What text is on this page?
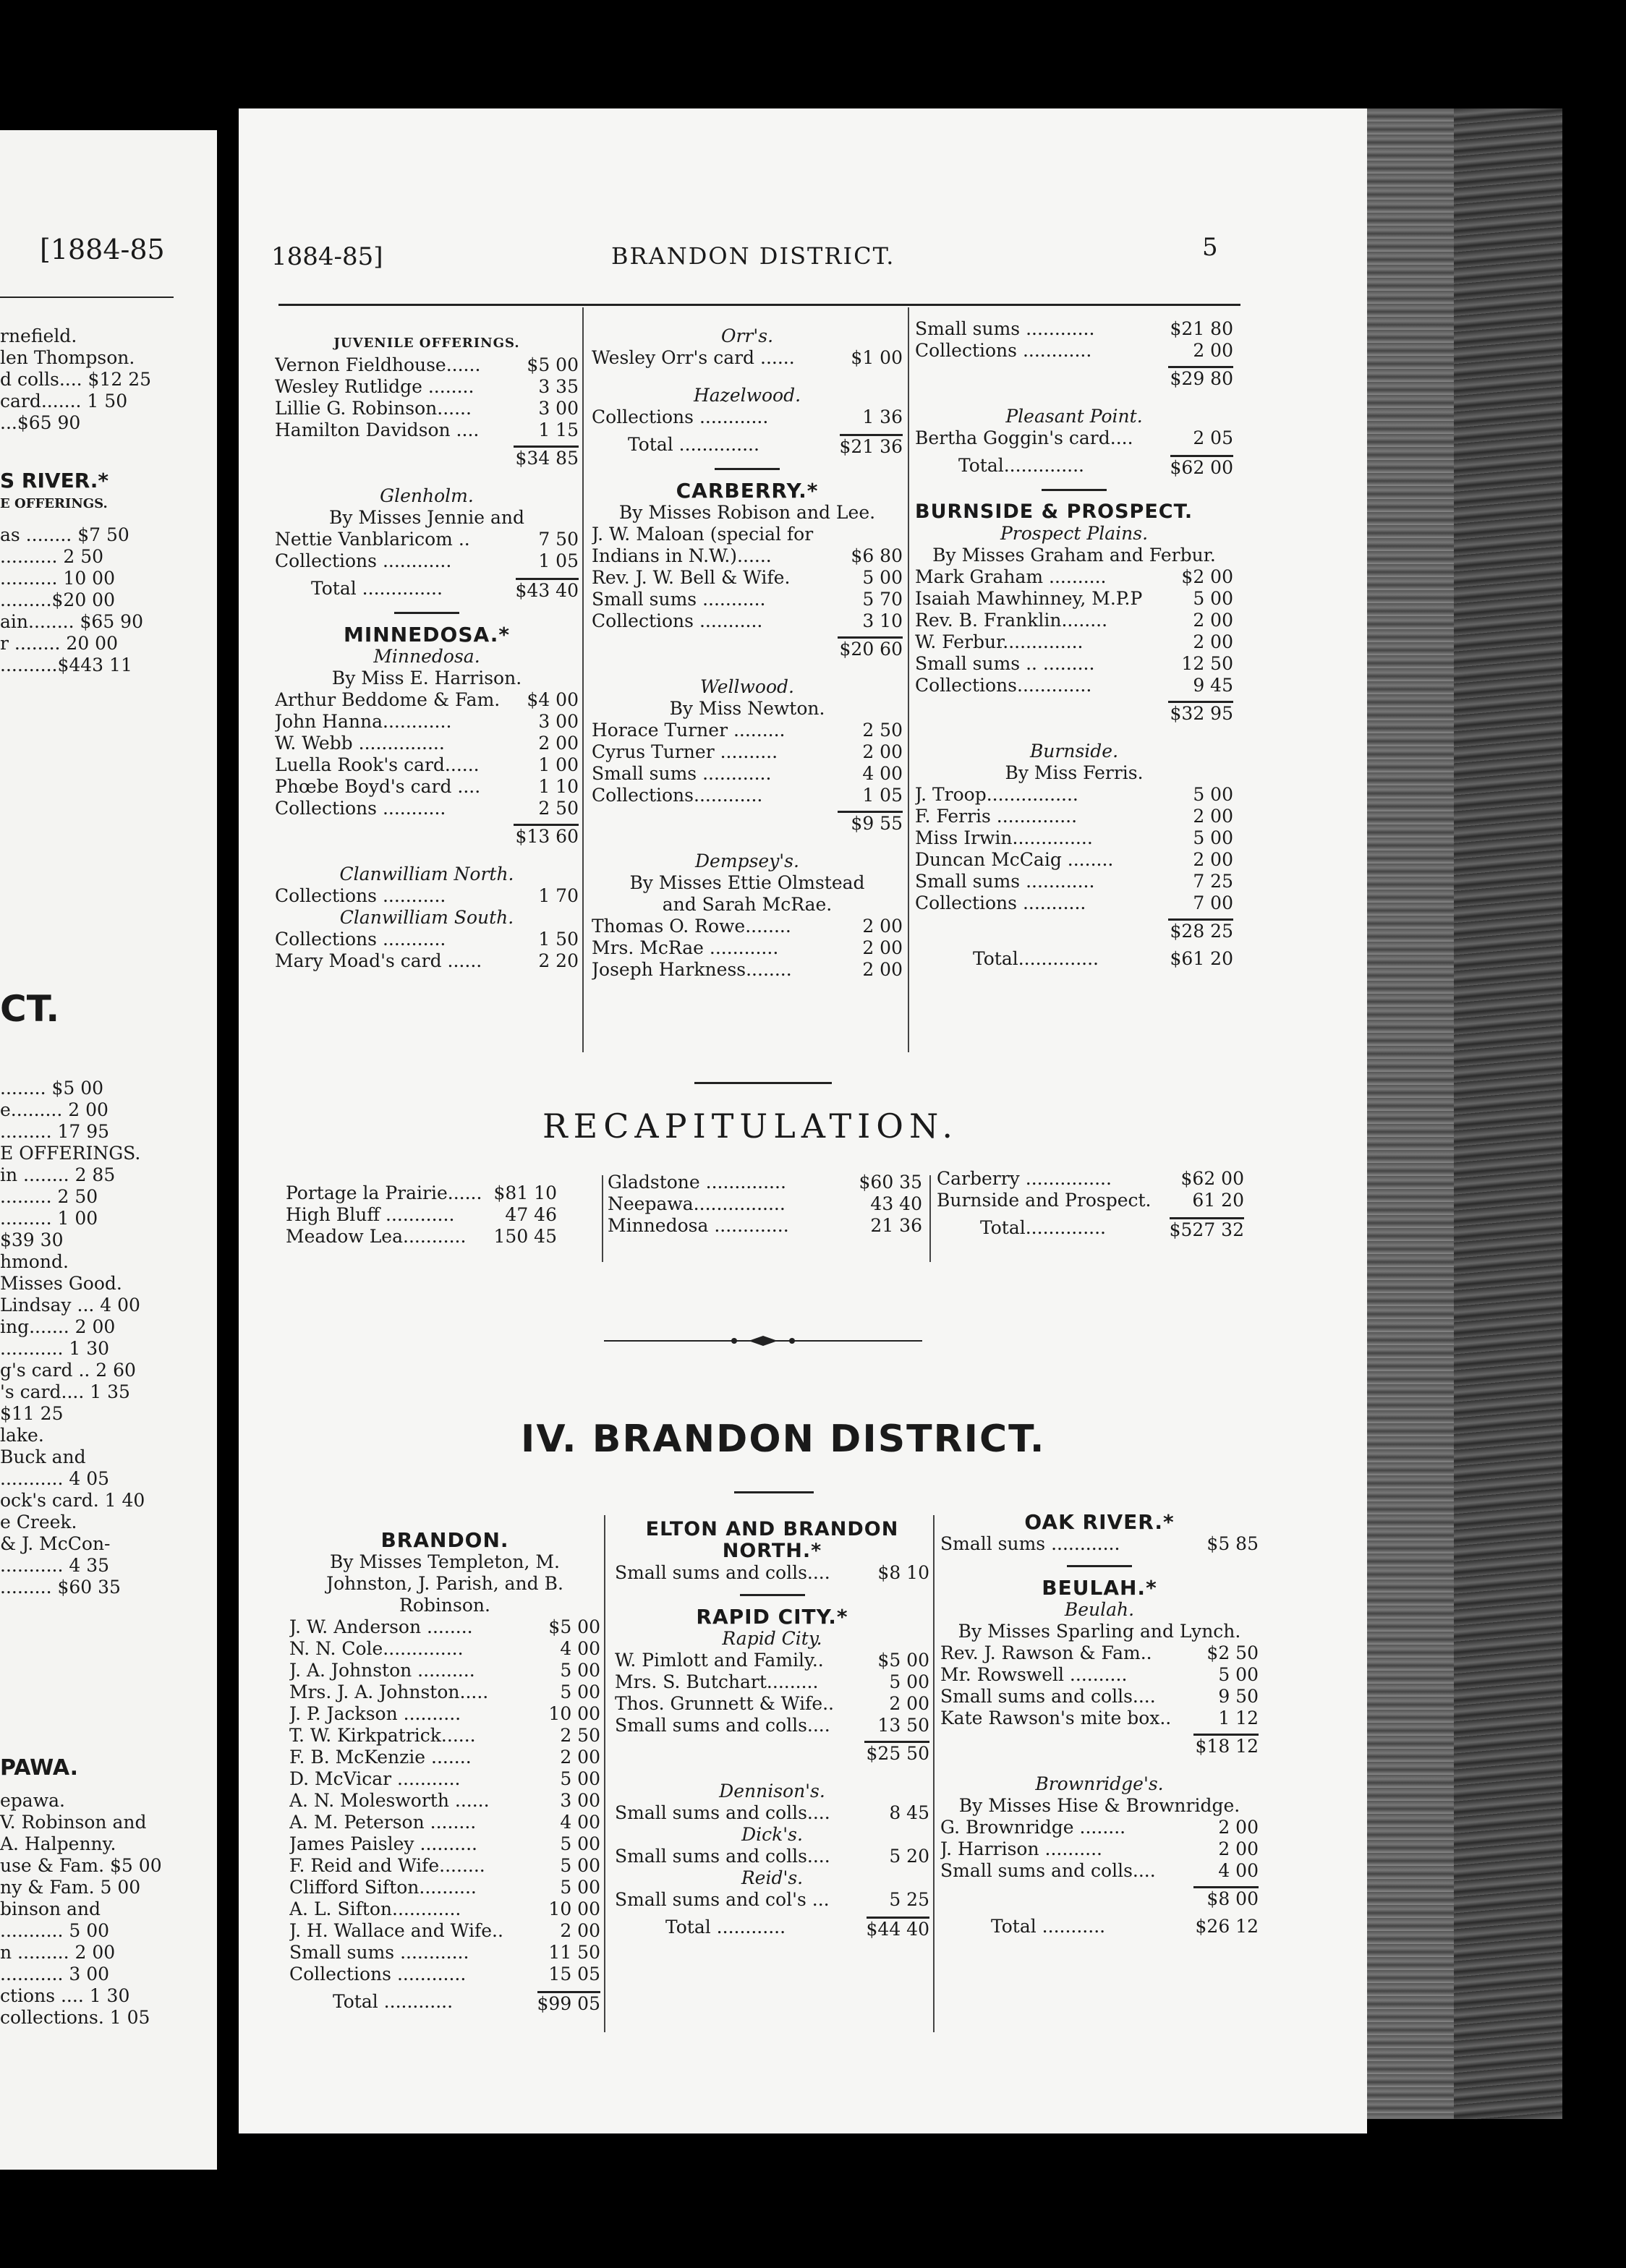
[1884-85
rnefield.
len Thompson.
d colls.... $12 25
card....... 1 50
...$65 90
S RIVER.*
E OFFERINGS.
as ........ $7 50
.......... 2 50
.......... 10 00
.........$20 00
ain........ $65 90
r ........ 20 00
..........$443 11
CT.
........ $5 00
e......... 2 00
......... 17 95
E OFFERINGS.
in ........ 2 85
......... 2 50
......... 1 00
$39 30
hmond.
Misses Good.
Lindsay ... 4 00
ing....... 2 00
........... 1 30
g's card .. 2 60
's card.... 1 35
$11 25
lake.
Buck and
........... 4 05
ock's card. 1 40
e Creek.
& J. McCon-
........... 4 35
......... $60 35
PAWA.
epawa.
V. Robinson and
A. Halpenny.
use & Fam. $5 00
ny & Fam. 5 00
binson and
........... 5 00
n ......... 2 00
........... 3 00
ctions .... 1 30
collections. 1 05
1884-85]	BRANDON DISTRICT.	5
JUVENILE OFFERINGS.
Vernon Fieldhouse......	$5 00
Wesley Rutlidge ........	3 35
Lillie G. Robinson......	3 00
Hamilton Davidson ....	1 15
$34 85
Glenholm.
By Misses Jennie and
Nettie Vanblaricom ..	7 50
Collections ............	1 05
Total ..............	$43 40
MINNEDOSA.*
Minnedosa.
By Miss E. Harrison.
Arthur Beddome & Fam.	$4 00
John Hanna............	3 00
W. Webb ...............	2 00
Luella Rook's card......	1 00
Phœbe Boyd's card ....	1 10
Collections ...........	2 50
$13 60
Clanwilliam North.
Collections ...........	1 70
Clanwilliam South.
Collections ...........	1 50
Mary Moad's card ......	2 20
Orr's.
Wesley Orr's card ......	$1 00
Hazelwood.
Collections ............	1 36
Total ..............	$21 36
CARBERRY.*
By Misses Robison and Lee.
J. W. Maloan (special for
Indians in N.W.)......	$6 80
Rev. J. W. Bell & Wife.	5 00
Small sums ...........	5 70
Collections ...........	3 10
$20 60
Wellwood.
By Miss Newton.
Horace Turner .........	2 50
Cyrus Turner ..........	2 00
Small sums ............	4 00
Collections............	1 05
$9 55
Dempsey's.
By Misses Ettie Olmstead
and Sarah McRae.
Thomas O. Rowe........	2 00
Mrs. McRae ............	2 00
Joseph Harkness........	2 00
Small sums ............	$21 80
Collections ............	2 00
$29 80
Pleasant Point.
Bertha Goggin's card....	2 05
Total..............	$62 00
BURNSIDE & PROSPECT.
Prospect Plains.
By Misses Graham and Ferbur.
Mark Graham ..........	$2 00
Isaiah Mawhinney, M.P.P	5 00
Rev. B. Franklin........	2 00
W. Ferbur..............	2 00
Small sums .. .........	12 50
Collections.............	9 45
$32 95
Burnside.
By Miss Ferris.
J. Troop................	5 00
F. Ferris ..............	2 00
Miss Irwin..............	5 00
Duncan McCaig ........	2 00
Small sums ............	7 25
Collections ...........	7 00
$28 25
Total..............	$61 20
RECAPITULATION.
Portage la Prairie...... $81 10
High Bluff ............	47 46
Meadow Lea...........	150 45
Gladstone ..............	$60 35
Neepawa................	43 40
Minnedosa .............	21 36
Carberry ...............	$62 00
Burnside and Prospect.	61 20
Total..............	$527 32
IV. BRANDON DISTRICT.
BRANDON.
By Misses Templeton, M. Johnston, J. Parish, and B. Robinson.
J. W. Anderson ........	$5 00
N. N. Cole..............	4 00
J. A. Johnston ..........	5 00
Mrs. J. A. Johnston.....	5 00
J. P. Jackson ..........	10 00
T. W. Kirkpatrick......	2 50
F. B. McKenzie .......	2 00
D. McVicar ...........	5 00
A. N. Molesworth ......	3 00
A. M. Peterson ........	4 00
James Paisley ..........	5 00
F. Reid and Wife........	5 00
Clifford Sifton..........	5 00
A. L. Sifton............	10 00
J. H. Wallace and Wife..	2 00
Small sums ............	11 50
Collections ............	15 05
Total ............	$99 05
ELTON AND BRANDON NORTH.*
Small sums and colls....	$8 10
RAPID CITY.*
Rapid City.
W. Pimlott and Family..	$5 00
Mrs. S. Butchart.........	5 00
Thos. Grunnett & Wife..	2 00
Small sums and colls....	13 50
$25 50
Dennison's.
Small sums and colls....	8 45
Dick's.
Small sums and colls....	5 20
Reid's.
Small sums and col's ...	5 25
Total ............	$44 40
OAK RIVER.*
Small sums ............	$5 85
BEULAH.*
Beulah.
By Misses Sparling and Lynch.
Rev. J. Rawson & Fam..	$2 50
Mr. Rowswell ..........	5 00
Small sums and colls....	9 50
Kate Rawson's mite box..	1 12
$18 12
Brownridge's.
By Misses Hise & Brownridge.
G. Brownridge ........	2 00
J. Harrison ..........	2 00
Small sums and colls....	4 00
$8 00
Total ...........	$26 12
